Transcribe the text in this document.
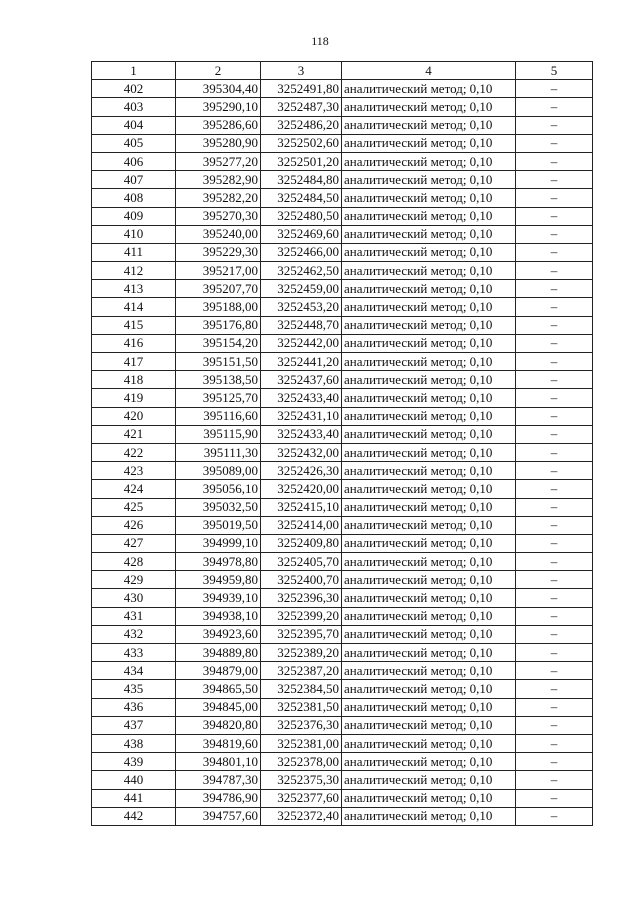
118
1	2	3	4	5
402	395304,40	3252491,80	аналитический метод; 0,10	–
403	395290,10	3252487,30	аналитический метод; 0,10	–
404	395286,60	3252486,20	аналитический метод; 0,10	–
405	395280,90	3252502,60	аналитический метод; 0,10	–
406	395277,20	3252501,20	аналитический метод; 0,10	–
407	395282,90	3252484,80	аналитический метод; 0,10	–
408	395282,20	3252484,50	аналитический метод; 0,10	–
409	395270,30	3252480,50	аналитический метод; 0,10	–
410	395240,00	3252469,60	аналитический метод; 0,10	–
411	395229,30	3252466,00	аналитический метод; 0,10	–
412	395217,00	3252462,50	аналитический метод; 0,10	–
413	395207,70	3252459,00	аналитический метод; 0,10	–
414	395188,00	3252453,20	аналитический метод; 0,10	–
415	395176,80	3252448,70	аналитический метод; 0,10	–
416	395154,20	3252442,00	аналитический метод; 0,10	–
417	395151,50	3252441,20	аналитический метод; 0,10	–
418	395138,50	3252437,60	аналитический метод; 0,10	–
419	395125,70	3252433,40	аналитический метод; 0,10	–
420	395116,60	3252431,10	аналитический метод; 0,10	–
421	395115,90	3252433,40	аналитический метод; 0,10	–
422	395111,30	3252432,00	аналитический метод; 0,10	–
423	395089,00	3252426,30	аналитический метод; 0,10	–
424	395056,10	3252420,00	аналитический метод; 0,10	–
425	395032,50	3252415,10	аналитический метод; 0,10	–
426	395019,50	3252414,00	аналитический метод; 0,10	–
427	394999,10	3252409,80	аналитический метод; 0,10	–
428	394978,80	3252405,70	аналитический метод; 0,10	–
429	394959,80	3252400,70	аналитический метод; 0,10	–
430	394939,10	3252396,30	аналитический метод; 0,10	–
431	394938,10	3252399,20	аналитический метод; 0,10	–
432	394923,60	3252395,70	аналитический метод; 0,10	–
433	394889,80	3252389,20	аналитический метод; 0,10	–
434	394879,00	3252387,20	аналитический метод; 0,10	–
435	394865,50	3252384,50	аналитический метод; 0,10	–
436	394845,00	3252381,50	аналитический метод; 0,10	–
437	394820,80	3252376,30	аналитический метод; 0,10	–
438	394819,60	3252381,00	аналитический метод; 0,10	–
439	394801,10	3252378,00	аналитический метод; 0,10	–
440	394787,30	3252375,30	аналитический метод; 0,10	–
441	394786,90	3252377,60	аналитический метод; 0,10	–
442	394757,60	3252372,40	аналитический метод; 0,10	–
